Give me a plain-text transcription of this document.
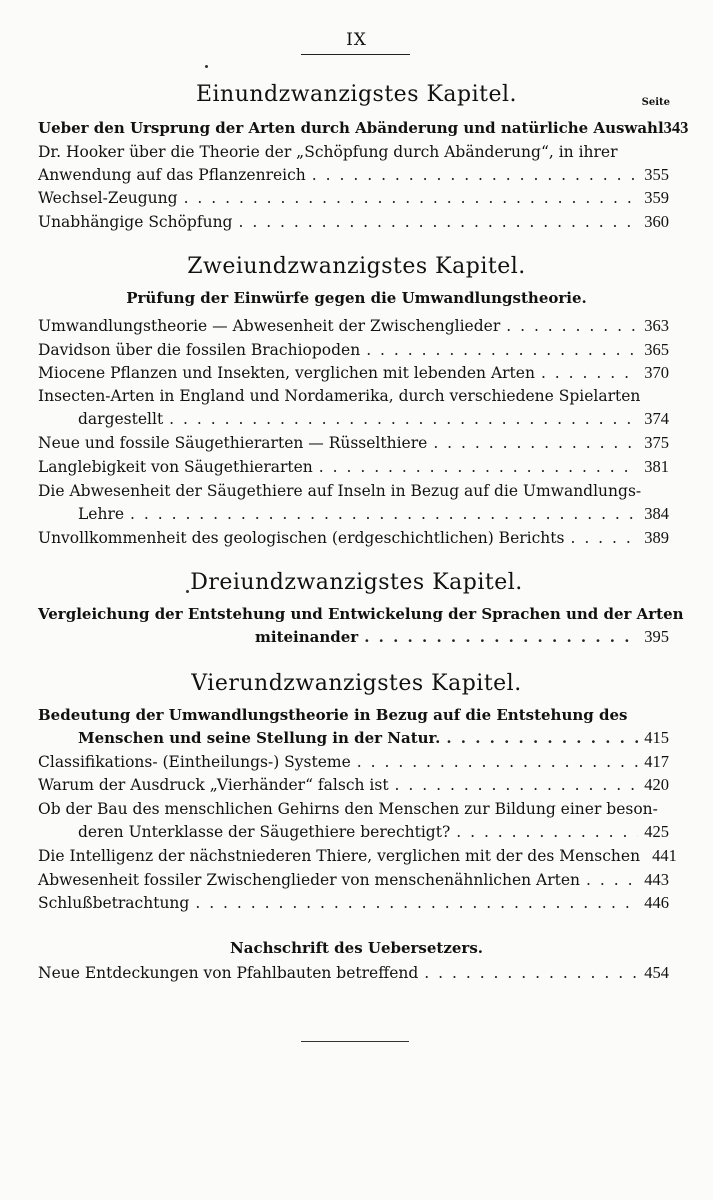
IX
Einundzwanzigstes Kapitel.	Seite
Ueber den Ursprung der Arten durch Abänderung und natürliche Auswahl 343
Dr. Hooker über die Theorie der „Schöpfung durch Abänderung“, in ihrer
Anwendung auf das Pflanzenreich . . .	355
Wechsel-Zeugung . . .	359
Unabhängige Schöpfung . . .	360
Zweiundzwanzigstes Kapitel.
Prüfung der Einwürfe gegen die Umwandlungstheorie.
Umwandlungstheorie — Abwesenheit der Zwischenglieder . . .	363
Davidson über die fossilen Brachiopoden . . .	365
Miocene Pflanzen und Insekten, verglichen mit lebenden Arten . . .	370
Insecten-Arten in England und Nordamerika, durch verschiedene Spielarten
dargestellt . . .	374
Neue und fossile Säugethierarten — Rüsselthiere . . .	375
Langlebigkeit von Säugethierarten . . .	381
Die Abwesenheit der Säugethiere auf Inseln in Bezug auf die Umwandlungs-
Lehre . . .	384
Unvollkommenheit des geologischen (erdgeschichtlichen) Berichts . . .	389
Dreiundzwanzigstes Kapitel.
Vergleichung der Entstehung und Entwickelung der Sprachen und der Arten
miteinander . . .	395
Vierundzwanzigstes Kapitel.
Bedeutung der Umwandlungstheorie in Bezug auf die Entstehung des
Menschen und seine Stellung in der Natur. . . .	415
Classifikations- (Eintheilungs-) Systeme . . .	417
Warum der Ausdruck „Vierhänder“ falsch ist . . .	420
Ob der Bau des menschlichen Gehirns den Menschen zur Bildung einer beson-
deren Unterklasse der Säugethiere berechtigt? . . .	425
Die Intelligenz der nächstniederen Thiere, verglichen mit der des Menschen 441
Abwesenheit fossiler Zwischenglieder von menschenähnlichen Arten . . .	443
Schlußbetrachtung . . .	446
Nachschrift des Uebersetzers.
Neue Entdeckungen von Pfahlbauten betreffend . . .	454
